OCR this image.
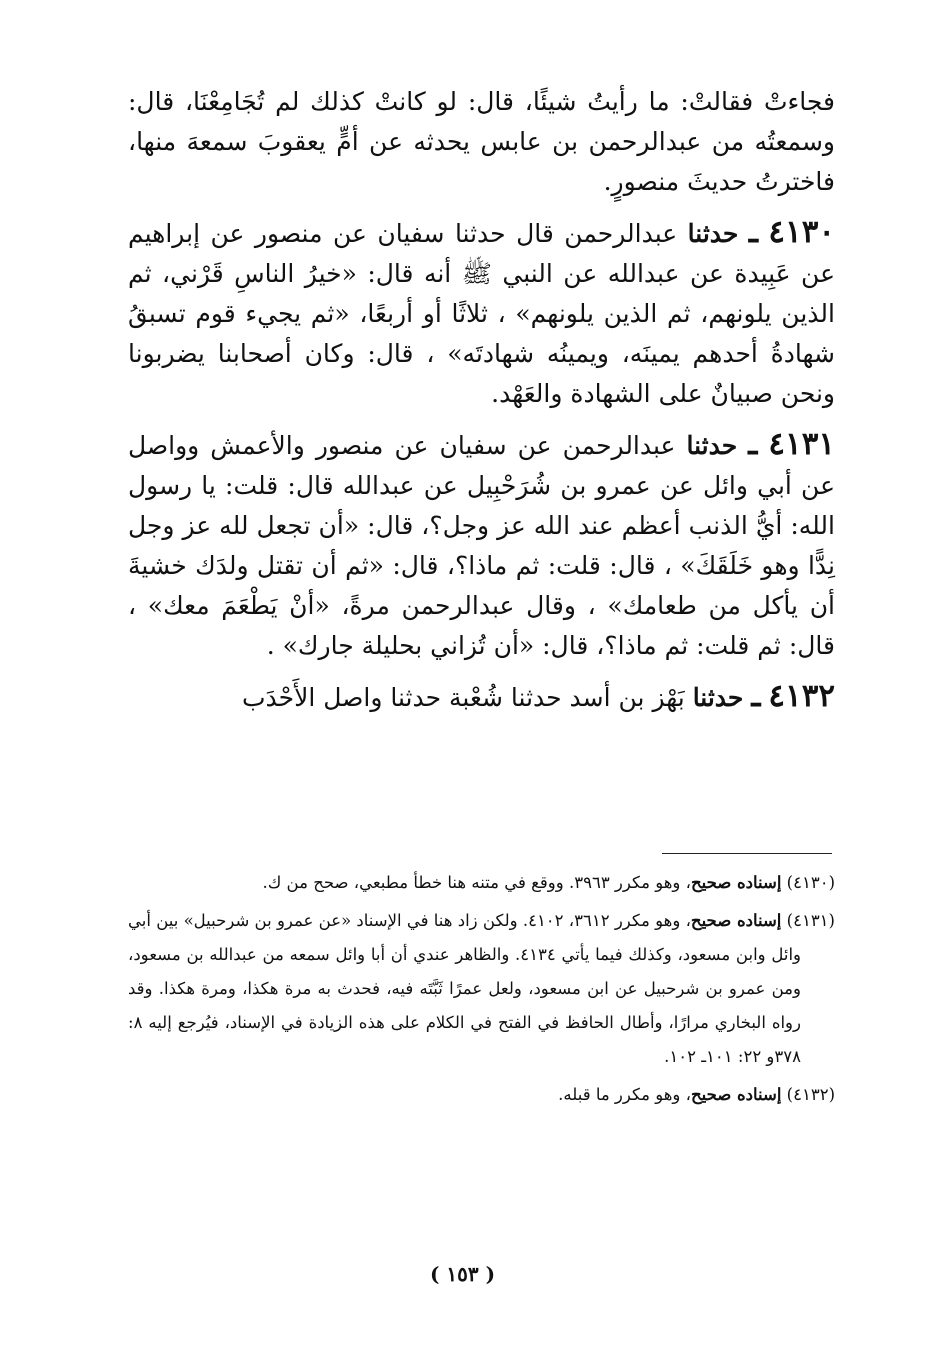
فجاءتْ فقالتْ: ما رأيتُ شيئًا، قال: لو كانتْ كذلك لم تُجَامِعْنَا، قال: وسمعتُه من عبدالرحمن بن عابس يحدثه عن أمٍّ يعقوبَ سمعهَ منها، فاخترتُ حديثَ منصورٍ.

٤١٣٠ ـ حدثنا عبدالرحمن قال حدثنا سفيان عن منصور عن إبراهيم عن عَبِيدة عن عبدالله عن النبي ﷺ أنه قال: «خيرُ الناسِ قَرْني، ثم الذين يلونهم، ثم الذين يلونهم» ، ثلاثًا أو أربعًا، «ثم يجيء قوم تسبقُ شهادةُ أحدهم يمينَه، ويمينُه شهادتَه» ، قال: وكان أصحابنا يضربونا ونحن صبيانٌ على الشهادة والعَهْد.

٤١٣١ ـ حدثنا عبدالرحمن عن سفيان عن منصور والأعمش وواصل عن أبي وائل عن عمرو بن شُرَحْبِيل عن عبدالله قال: قلت: يا رسول الله: أيُّ الذنب أعظم عند الله عز وجل؟، قال: «أن تجعل لله عز وجل نِدًّا وهو خَلَقَكَ» ، قال: قلت: ثم ماذا؟، قال: «ثم أن تقتل ولدَك خشيةَ أن يأكل من طعامك» ، وقال عبدالرحمن مرةً، «أنْ يَطْعَمَ معك» ، قال: ثم قلت: ثم ماذا؟، قال: «أن تُزاني بحليلة جارك» .

٤١٣٢ ـ حدثنا بَهْز بن أسد حدثنا شُعْبة حدثنا واصل الأَحْدَب

(٤١٣٠) إسناده صحيح، وهو مكرر ٣٩٦٣. ووقع في متنه هنا خطأ مطبعي، صحح من ك.

(٤١٣١) إسناده صحيح، وهو مكرر ٣٦١٢، ٤١٠٢. ولكن زاد هنا في الإسناد «عن عمرو بن شرحبيل» بين أبي وائل وابن مسعود، وكذلك فيما يأتي ٤١٣٤. والظاهر عندي أن أبا وائل سمعه من عبدالله بن مسعود، ومن عمرو بن شرحبيل عن ابن مسعود، ولعل عمرًا ثَبَّتَه فيه، فحدث به مرة هكذا، ومرة هكذا. وقد رواه البخاري مرارًا، وأطال الحافظ في الفتح في الكلام على هذه الزيادة في الإسناد، فيُرجع إليه ٨: ٣٧٨و ٢٢: ١٠١ـ ١٠٢.

(٤١٣٢) إسناده صحيح، وهو مكرر ما قبله.

( ١٥٣ )
